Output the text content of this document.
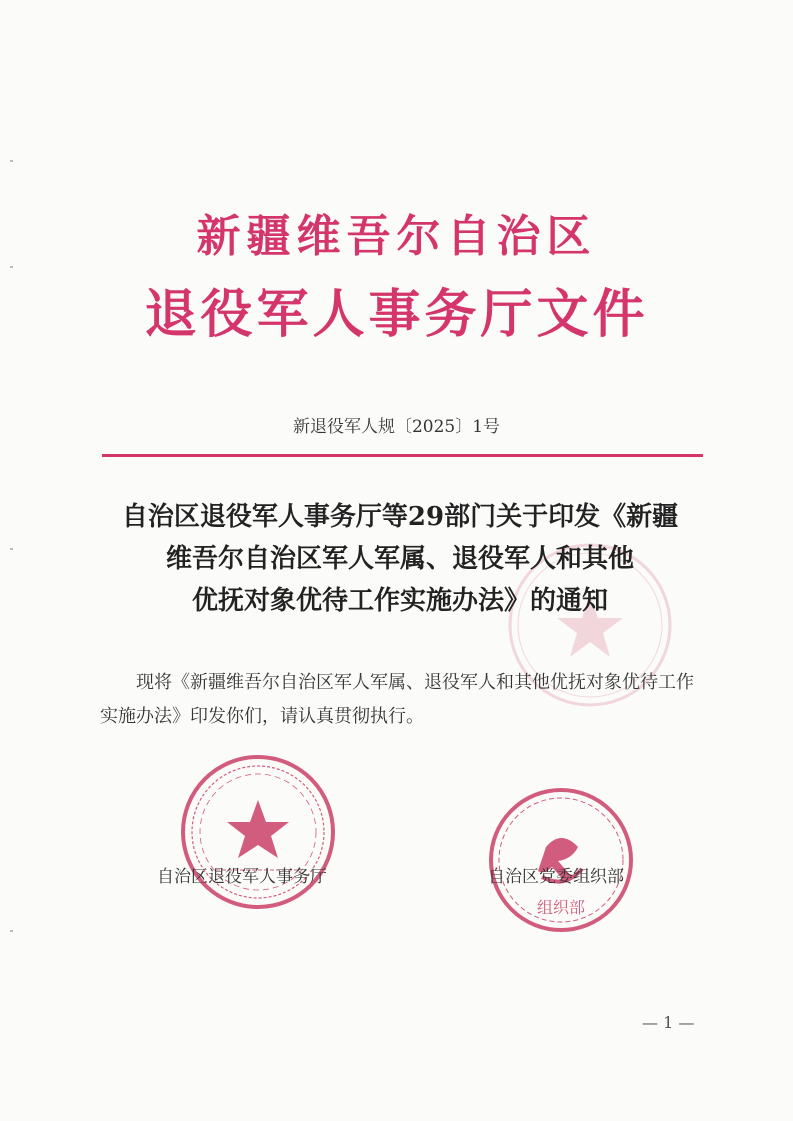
新疆维吾尔自治区
退役军人事务厅文件
新退役军人规〔2025〕1号
自治区退役军人事务厅等29部门关于印发《新疆
维吾尔自治区军人军属、退役军人和其他
优抚对象优待工作实施办法》的通知
现将《新疆维吾尔自治区军人军属、退役军人和其他优抚对象优待工作实施办法》印发你们，请认真贯彻执行。
组织部
自治区退役军人事务厅	自治区党委组织部
— 1 —
